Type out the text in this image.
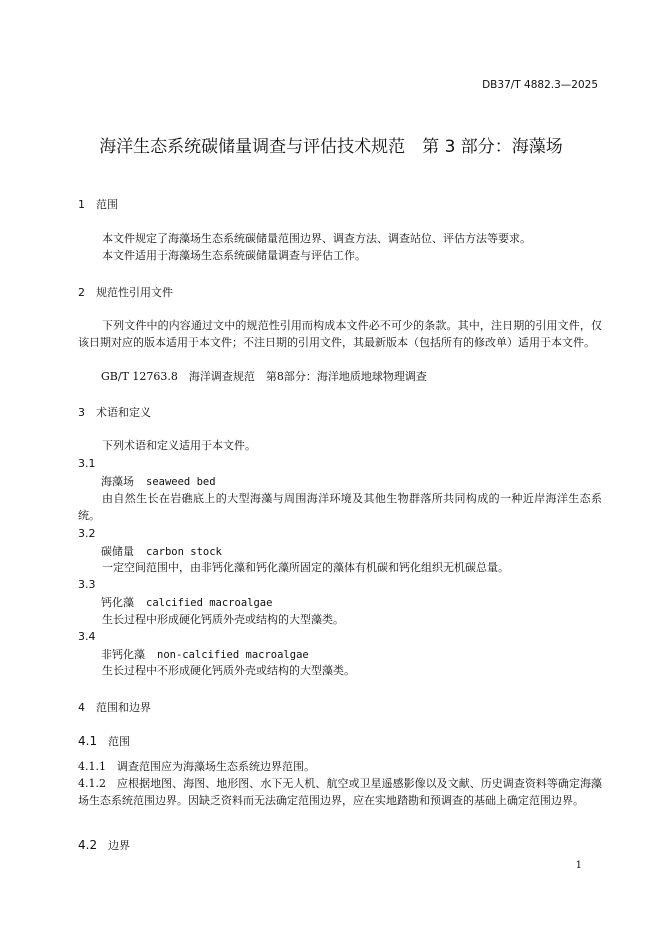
DB37/T 4882.3—2025
海洋生态系统碳储量调查与评估技术规范　第 3 部分：海藻场
1 范围
本文件规定了海藻场生态系统碳储量范围边界、调查方法、调查站位、评估方法等要求。
本文件适用于海藻场生态系统碳储量调查与评估工作。
2 规范性引用文件
下列文件中的内容通过文中的规范性引用而构成本文件必不可少的条款。其中，注日期的引用文件，仅该日期对应的版本适用于本文件；不注日期的引用文件，其最新版本（包括所有的修改单）适用于本文件。
GB/T 12763.8　海洋调查规范　第8部分：海洋地质地球物理调查
3 术语和定义
下列术语和定义适用于本文件。
3.1
海藻场 seaweed bed
由自然生长在岩礁底上的大型海藻与周围海洋环境及其他生物群落所共同构成的一种近岸海洋生态系统。
3.2
碳储量 carbon stock
一定空间范围中，由非钙化藻和钙化藻所固定的藻体有机碳和钙化组织无机碳总量。
3.3
钙化藻 calcified macroalgae
生长过程中形成硬化钙质外壳或结构的大型藻类。
3.4
非钙化藻 non-calcified macroalgae
生长过程中不形成硬化钙质外壳或结构的大型藻类。
4 范围和边界
4.1 范围
4.1.1　调查范围应为海藻场生态系统边界范围。
4.1.2　应根据地图、海图、地形图、水下无人机、航空或卫星遥感影像以及文献、历史调查资料等确定海藻场生态系统范围边界。因缺乏资料而无法确定范围边界，应在实地踏勘和预调查的基础上确定范围边界。
4.2 边界
1
